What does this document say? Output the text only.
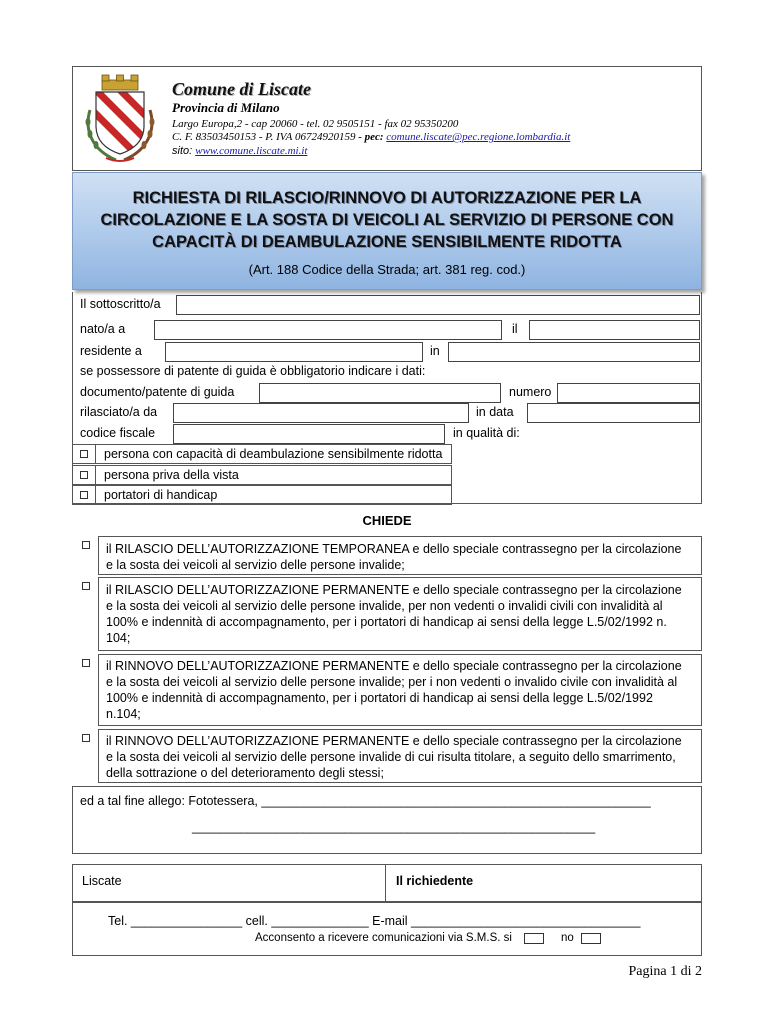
Comune di Liscate
Provincia di Milano
Largo Europa,2 - cap 20060 - tel. 02 9505151 - fax 02 95350200
C. F. 83503450153 - P. IVA 06724920159 - pec: comune.liscate@pec.regione.lombardia.it
sito: www.comune.liscate.mi.it
RICHIESTA DI RILASCIO/RINNOVO DI AUTORIZZAZIONE PER LA
CIRCOLAZIONE E LA SOSTA DI VEICOLI AL SERVIZIO DI PERSONE CON
CAPACITÀ DI DEAMBULAZIONE SENSIBILMENTE RIDOTTA
(Art. 188 Codice della Strada; art. 381 reg. cod.)
Il sottoscritto/a
nato/a a	il
residente a	in
se possessore di patente di guida è obbligatorio indicare i dati:
documento/patente di guida	numero
rilasciato/a da	in data
codice fiscale	in qualità di:
persona con capacità di deambulazione sensibilmente ridotta
persona priva della vista
portatori di handicap
CHIEDE
il RILASCIO DELL’AUTORIZZAZIONE TEMPORANEA e dello speciale contrassegno per la circolazione
e la sosta dei veicoli al servizio delle persone invalide;
il RILASCIO DELL’AUTORIZZAZIONE PERMANENTE e dello speciale contrassegno per la circolazione
e la sosta dei veicoli al servizio delle persone invalide, per non vedenti o invalidi civili con invalidità al
100% e indennità di accompagnamento, per i portatori di handicap ai sensi della legge L.5/02/1992 n.
104;
il RINNOVO DELL’AUTORIZZAZIONE PERMANENTE e dello speciale contrassegno per la circolazione
e la sosta dei veicoli al servizio delle persone invalide; per i non vedenti o invalido civile con invalidità al
100% e indennità di accompagnamento, per i portatori di handicap ai sensi della legge L.5/02/1992
n.104;
il RINNOVO DELL’AUTORIZZAZIONE PERMANENTE e dello speciale contrassegno per la circolazione
e la sosta dei veicoli al servizio delle persone invalide di cui risulta titolare, a seguito dello smarrimento,
della sottrazione o del deterioramento degli stessi;
ed a tal fine allego: Fototessera, ________________________________________________________
__________________________________________________________
Liscate	Il richiedente
Tel. ________________ cell. ______________ E-mail _________________________________
Acconsento a ricevere comunicazioni via S.M.S. si	no
Pagina 1 di 2
